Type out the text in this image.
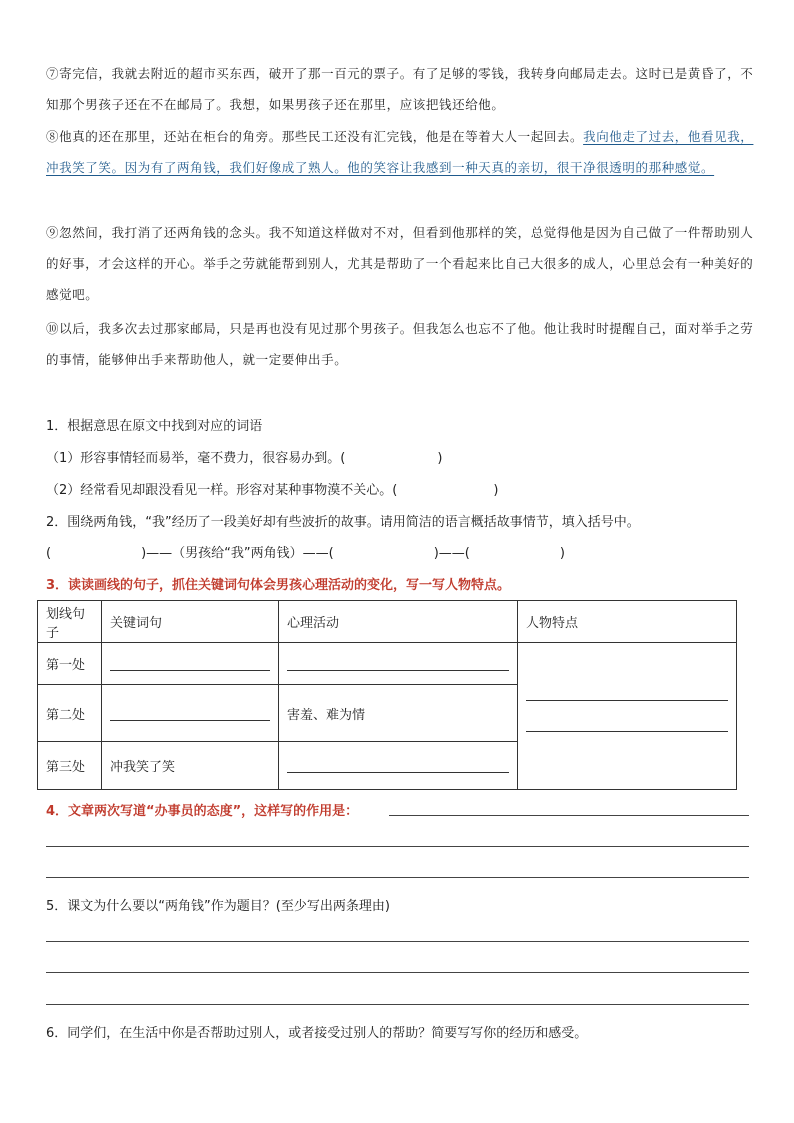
⑦寄完信，我就去附近的超市买东西，破开了那一百元的票子。有了足够的零钱，我转身向邮局走去。这时已是黄昏了，不知那个男孩子还在不在邮局了。我想，如果男孩子还在那里，应该把钱还给他。

⑧他真的还在那里，还站在柜台的角旁。那些民工还没有汇完钱，他是在等着大人一起回去。我向他走了过去，他看见我，冲我笑了笑。因为有了两角钱，我们好像成了熟人。他的笑容让我感到一种天真的亲切，很干净很透明的那种感觉。

⑨忽然间，我打消了还两角钱的念头。我不知道这样做对不对，但看到他那样的笑，总觉得他是因为自己做了一件帮助别人的好事，才会这样的开心。举手之劳就能帮到别人，尤其是帮助了一个看起来比自己大很多的成人，心里总会有一种美好的感觉吧。

⑩以后，我多次去过那家邮局，只是再也没有见过那个男孩子。但我怎么也忘不了他。他让我时时提醒自己，面对举手之劳的事情，能够伸出手来帮助他人，就一定要伸出手。

1．根据意思在原文中找到对应的词语

（1）形容事情轻而易举，毫不费力，很容易办到。(	)

（2）经常看见却跟没看见一样。形容对某种事物漠不关心。(	)

2．围绕两角钱，“我”经历了一段美好却有些波折的故事。请用简洁的语言概括故事情节，填入括号中。

(	)——（男孩给“我”两角钱）——(	)——(	)

3．读读画线的句子，抓住关键词句体会男孩心理活动的变化，写一写人物特点。

划线句子	关键词句	心理活动	人物特点
第一处			

第二处		害羞、难为情	
第三处	冲我笑了笑		

4．文章两次写道“办事员的态度”，这样写的作用是：

5．课文为什么要以“两角钱”作为题目？(至少写出两条理由)

6．同学们，在生活中你是否帮助过别人，或者接受过别人的帮助？简要写写你的经历和感受。
